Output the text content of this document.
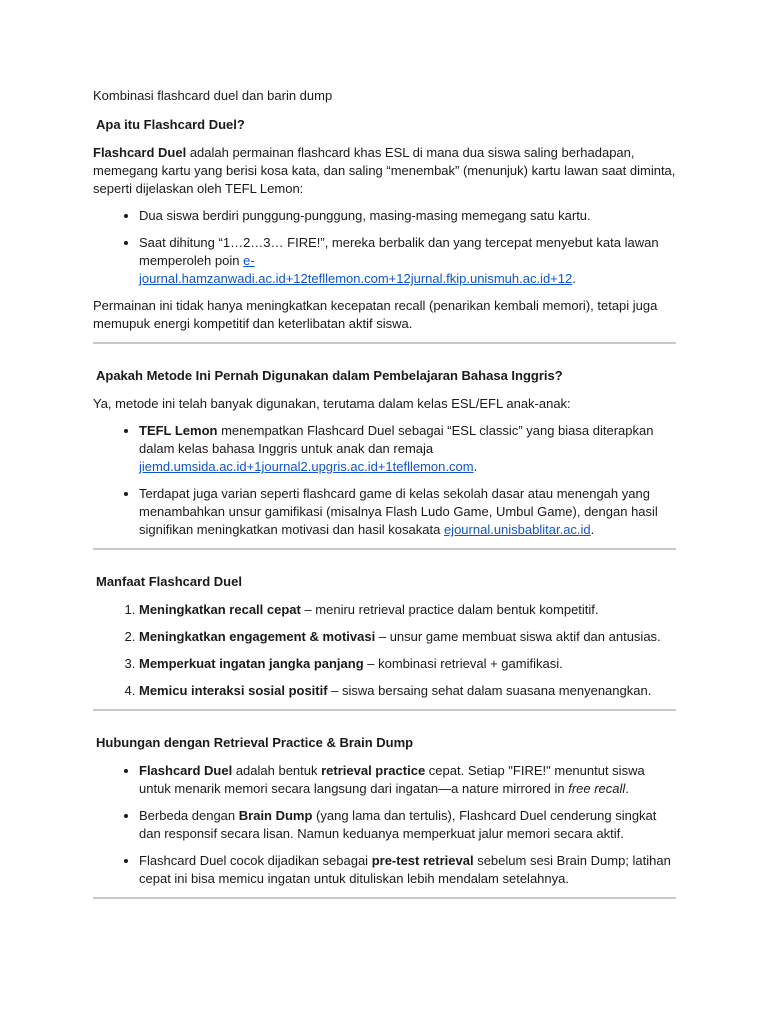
Kombinasi flashcard duel dan barin dump

Apa itu Flashcard Duel?

Flashcard Duel adalah permainan flashcard khas ESL di mana dua siswa saling berhadapan, memegang kartu yang berisi kosa kata, dan saling “menembak” (menunjuk) kartu lawan saat diminta, seperti dijelaskan oleh TEFL Lemon:

• Dua siswa berdiri punggung-punggung, masing-masing memegang satu kartu.
• Saat dihitung “1…2…3… FIRE!”, mereka berbalik dan yang tercepat menyebut kata lawan memperoleh poin e-journal.hamzanwadi.ac.id+12tefllemon.com+12jurnal.fkip.unismuh.ac.id+12.

Permainan ini tidak hanya meningkatkan kecepatan recall (penarikan kembali memori), tetapi juga memupuk energi kompetitif dan keterlibatan aktif siswa.

Apakah Metode Ini Pernah Digunakan dalam Pembelajaran Bahasa Inggris?

Ya, metode ini telah banyak digunakan, terutama dalam kelas ESL/EFL anak-anak:

• TEFL Lemon menempatkan Flashcard Duel sebagai “ESL classic” yang biasa diterapkan dalam kelas bahasa Inggris untuk anak dan remaja jiemd.umsida.ac.id+1journal2.upgris.ac.id+1tefllemon.com.
• Terdapat juga varian seperti flashcard game di kelas sekolah dasar atau menengah yang menambahkan unsur gamifikasi (misalnya Flash Ludo Game, Umbul Game), dengan hasil signifikan meningkatkan motivasi dan hasil kosakata ejournal.unisbablitar.ac.id.
Manfaat Flashcard Duel
1. Meningkatkan recall cepat – meniru retrieval practice dalam bentuk kompetitif.
2. Meningkatkan engagement & motivasi – unsur game membuat siswa aktif dan antusias.
3. Memperkuat ingatan jangka panjang – kombinasi retrieval + gamifikasi.
4. Memicu interaksi sosial positif – siswa bersaing sehat dalam suasana menyenangkan.
Hubungan dengan Retrieval Practice & Brain Dump
• Flashcard Duel adalah bentuk retrieval practice cepat. Setiap "FIRE!" menuntut siswa untuk menarik memori secara langsung dari ingatan—a nature mirrored in free recall.
• Berbeda dengan Brain Dump (yang lama dan tertulis), Flashcard Duel cenderung singkat dan responsif secara lisan. Namun keduanya memperkuat jalur memori secara aktif.
• Flashcard Duel cocok dijadikan sebagai pre-test retrieval sebelum sesi Brain Dump; latihan cepat ini bisa memicu ingatan untuk dituliskan lebih mendalam setelahnya.
